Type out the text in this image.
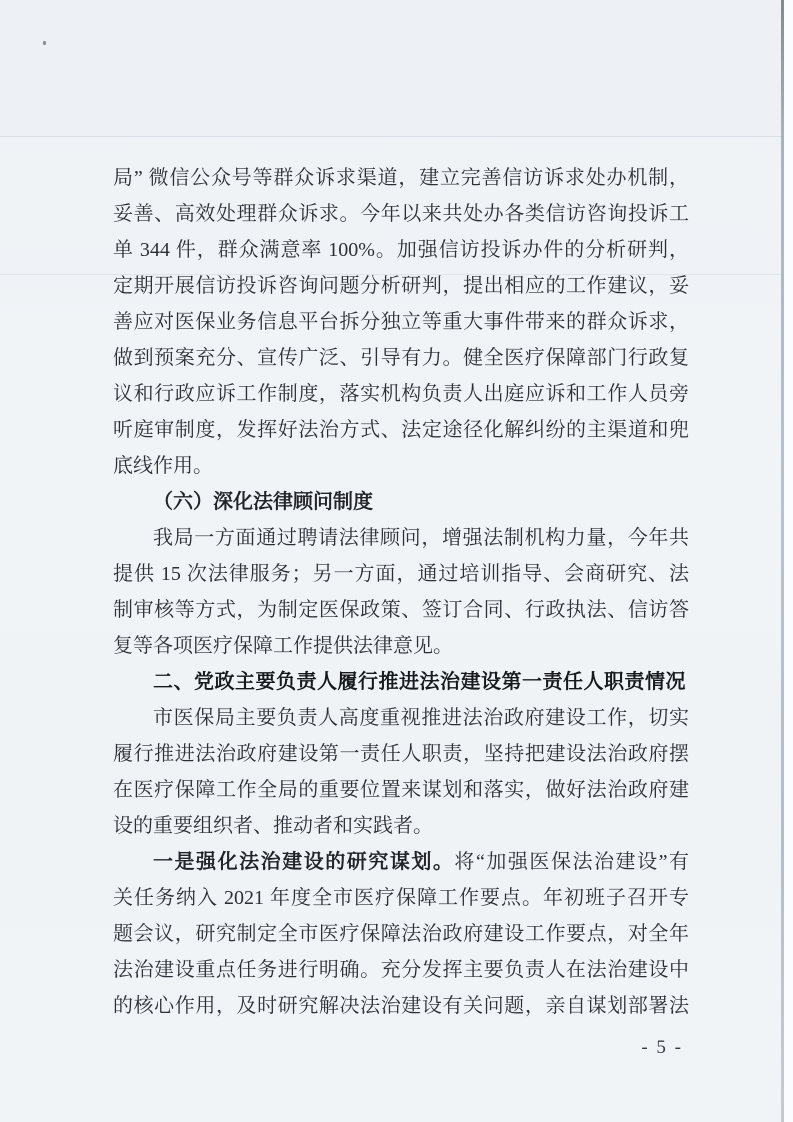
局” 微信公众号等群众诉求渠道，建立完善信访诉求处办机制，
妥善、高效处理群众诉求。今年以来共处办各类信访咨询投诉工
单 344 件，群众满意率 100%。加强信访投诉办件的分析研判，
定期开展信访投诉咨询问题分析研判，提出相应的工作建议，妥
善应对医保业务信息平台拆分独立等重大事件带来的群众诉求，
做到预案充分、宣传广泛、引导有力。健全医疗保障部门行政复
议和行政应诉工作制度，落实机构负责人出庭应诉和工作人员旁
听庭审制度，发挥好法治方式、法定途径化解纠纷的主渠道和兜
底线作用。
（六）深化法律顾问制度
我局一方面通过聘请法律顾问，增强法制机构力量，今年共
提供 15 次法律服务；另一方面，通过培训指导、会商研究、法
制审核等方式，为制定医保政策、签订合同、行政执法、信访答
复等各项医疗保障工作提供法律意见。
二、党政主要负责人履行推进法治建设第一责任人职责情况
市医保局主要负责人高度重视推进法治政府建设工作，切实
履行推进法治政府建设第一责任人职责，坚持把建设法治政府摆
在医疗保障工作全局的重要位置来谋划和落实，做好法治政府建
设的重要组织者、推动者和实践者。
一是强化法治建设的研究谋划。将“加强医保法治建设”有
关任务纳入 2021 年度全市医疗保障工作要点。年初班子召开专
题会议，研究制定全市医疗保障法治政府建设工作要点，对全年
法治建设重点任务进行明确。充分发挥主要负责人在法治建设中
的核心作用，及时研究解决法治建设有关问题，亲自谋划部署法
- 5 -
